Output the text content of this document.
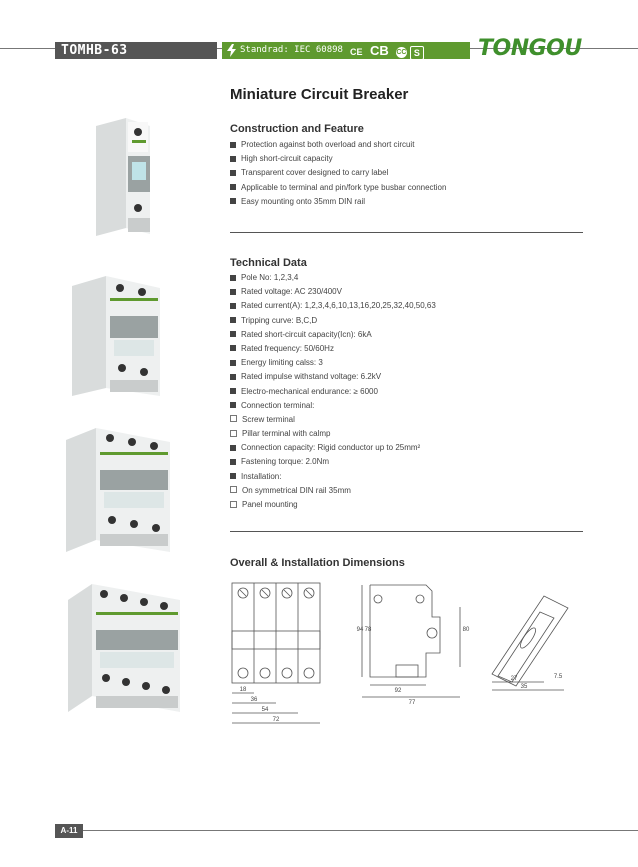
TOMHB-63	Standrad: IEC 60898 CE CB CCC S	TONGOU
Miniature Circuit Breaker
Construction and Feature
Protection against both overload and short circuit
High short-circuit capacity
Transparent cover designed to carry label
Applicable to terminal and pin/fork type busbar connection
Easy mounting onto 35mm DIN rail
Technical Data
Pole No: 1,2,3,4
Rated voltage: AC 230/400V
Rated current(A): 1,2,3,4,6,10,13,16,20,25,32,40,50,63
Tripping curve: B,C,D
Rated short-circuit capacity(Icn): 6kA
Rated frequency: 50/60Hz
Energy limiting calss: 3
Rated impulse withstand voltage: 6.2kV
Electro-mechanical endurance: ≥ 6000
Connection terminal:
Screw terminal
Pillar terminal with calmp
Connection capacity: Rigid conductor up to 25mm²
Fastening torque: 2.0Nm
Installation:
On symmetrical DIN rail 35mm
Panel mounting
Overall & Installation Dimensions
18
36
54
72
94 78
92
77
80
27
35
7.5
A-11
